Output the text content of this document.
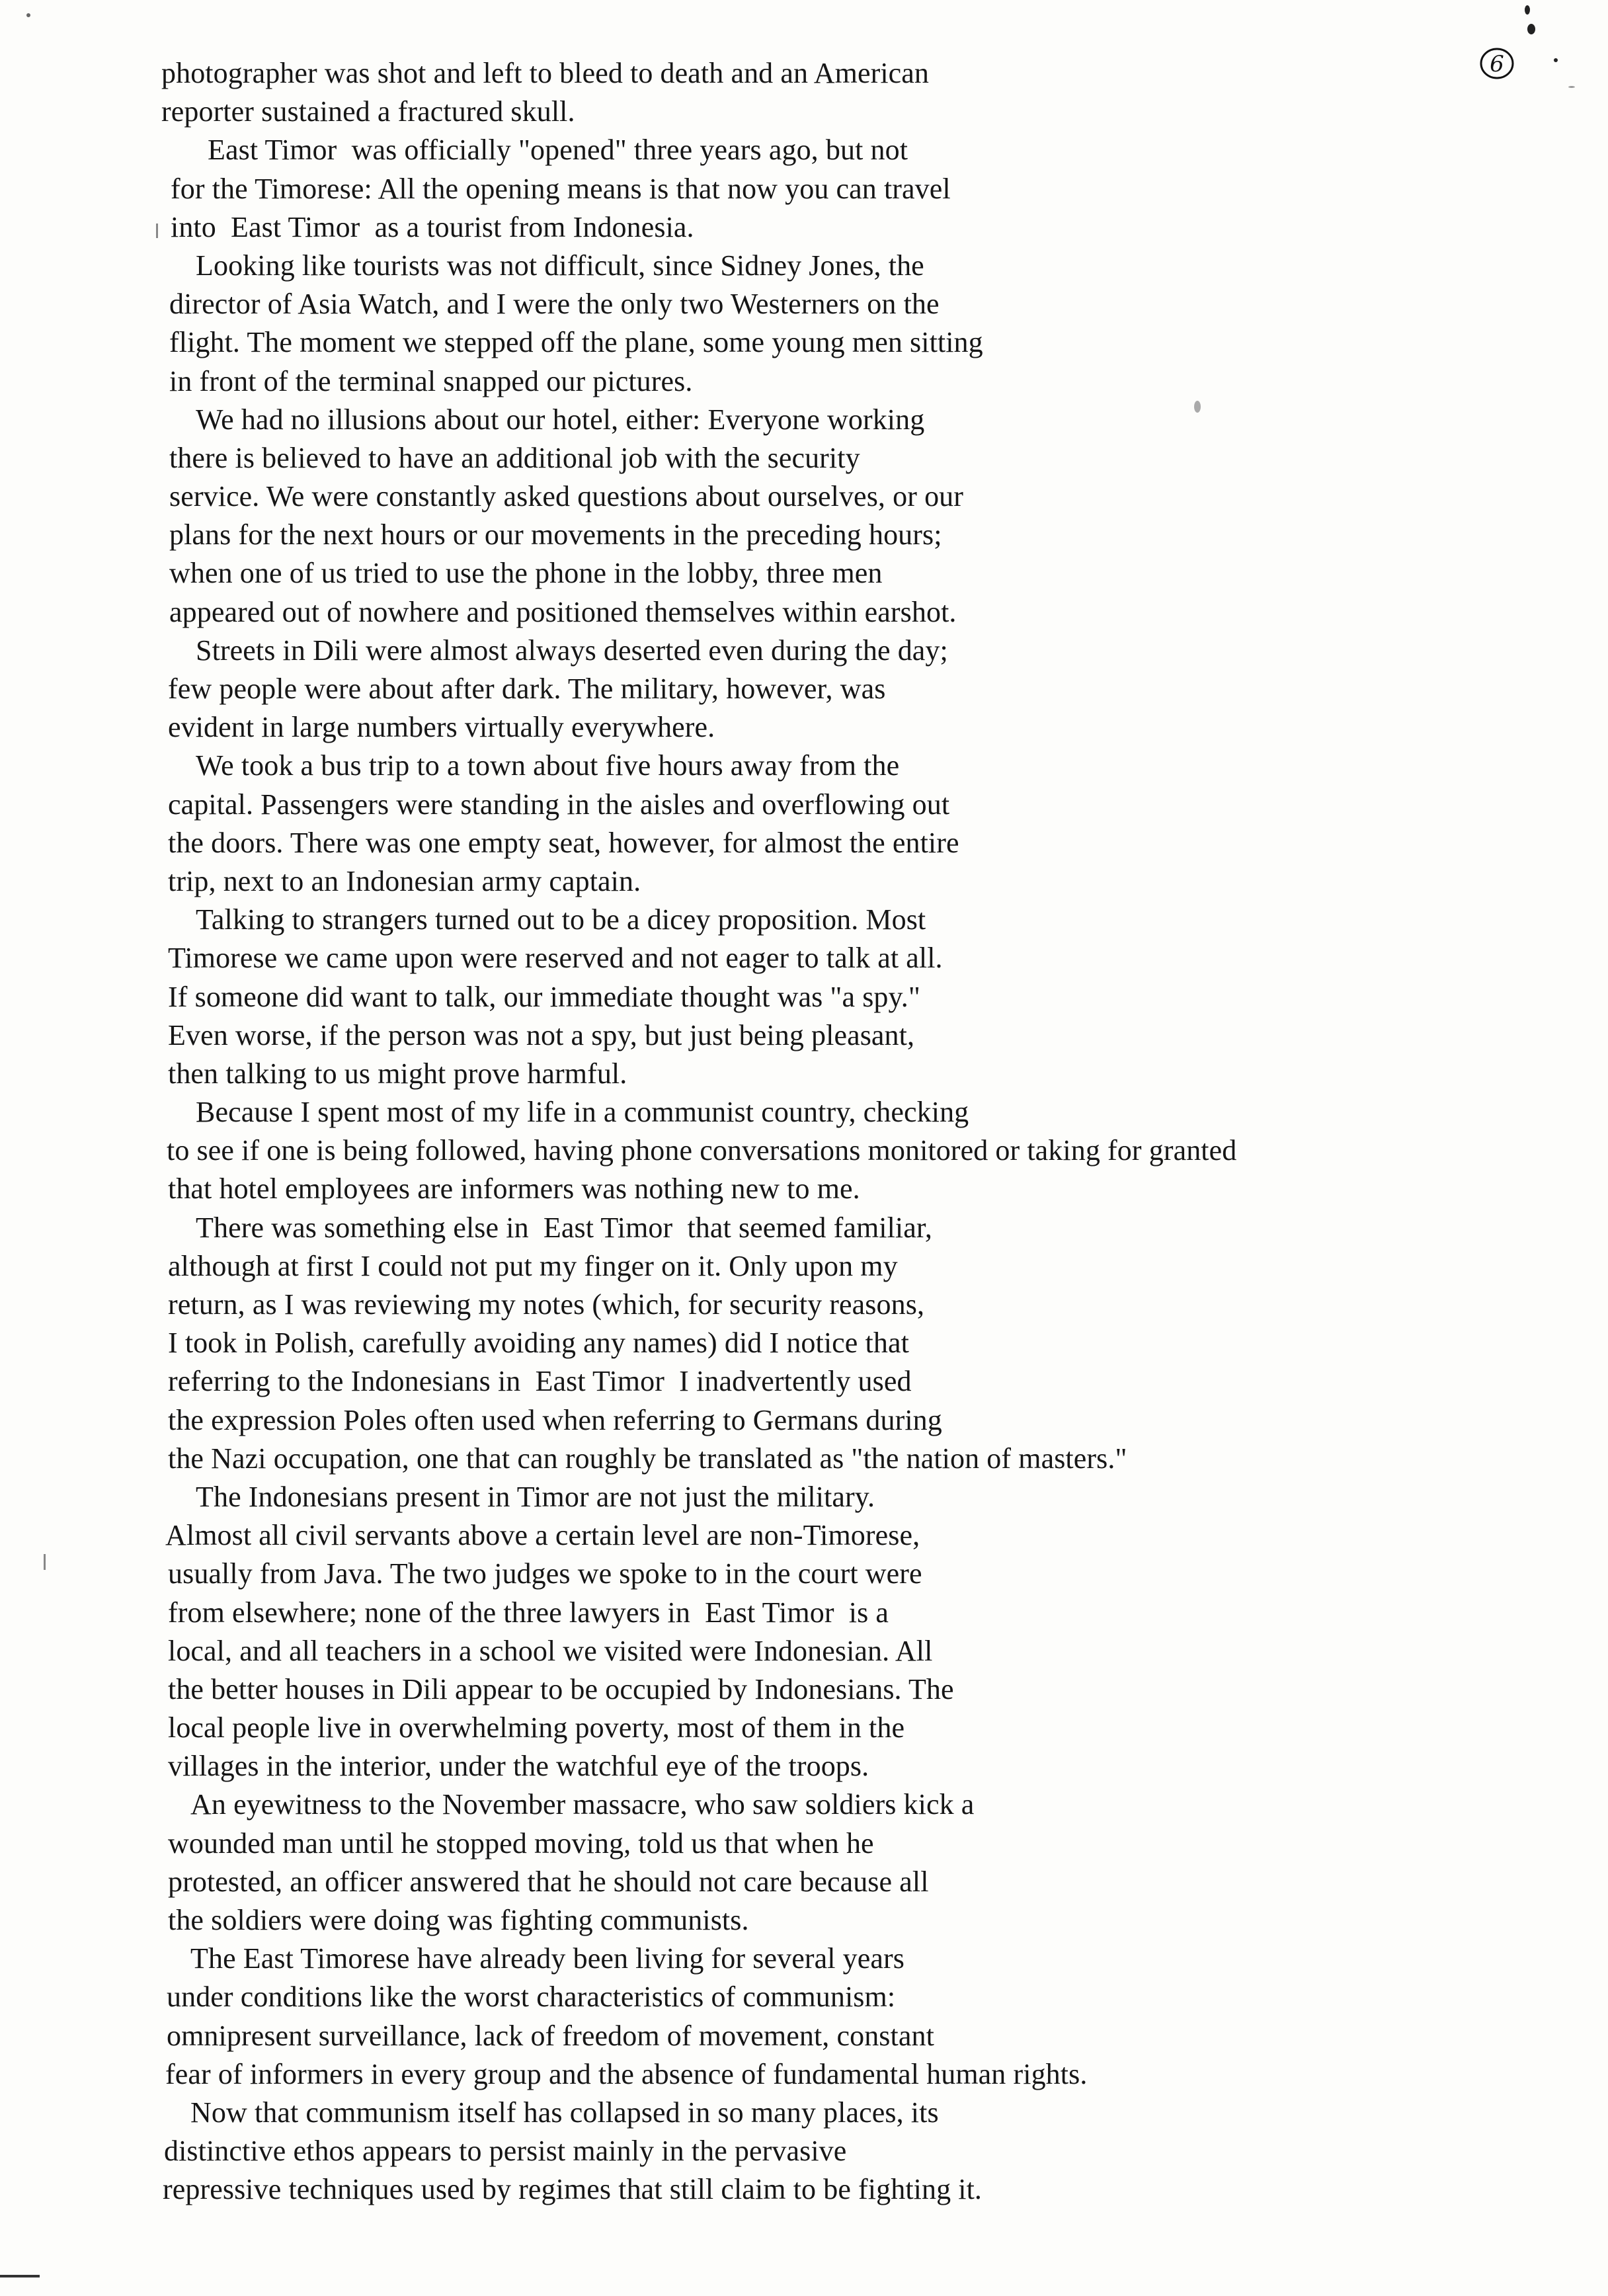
6
photographer was shot and left to bleed to death and an American
reporter sustained a fractured skull.
East Timor  was officially "opened" three years ago, but not
for the Timorese: All the opening means is that now you can travel
into  East Timor  as a tourist from Indonesia.
Looking like tourists was not difficult, since Sidney Jones, the
director of Asia Watch, and I were the only two Westerners on the
flight. The moment we stepped off the plane, some young men sitting
in front of the terminal snapped our pictures.
We had no illusions about our hotel, either: Everyone working
there is believed to have an additional job with the security
service. We were constantly asked questions about ourselves, or our
plans for the next hours or our movements in the preceding hours;
when one of us tried to use the phone in the lobby, three men
appeared out of nowhere and positioned themselves within earshot.
Streets in Dili were almost always deserted even during the day;
few people were about after dark. The military, however, was
evident in large numbers virtually everywhere.
We took a bus trip to a town about five hours away from the
capital. Passengers were standing in the aisles and overflowing out
the doors. There was one empty seat, however, for almost the entire
trip, next to an Indonesian army captain.
Talking to strangers turned out to be a dicey proposition. Most
Timorese we came upon were reserved and not eager to talk at all.
If someone did want to talk, our immediate thought was "a spy."
Even worse, if the person was not a spy, but just being pleasant,
then talking to us might prove harmful.
Because I spent most of my life in a communist country, checking
to see if one is being followed, having phone conversations monitored or taking for granted
that hotel employees are informers was nothing new to me.
There was something else in  East Timor  that seemed familiar,
although at first I could not put my finger on it. Only upon my
return, as I was reviewing my notes (which, for security reasons,
I took in Polish, carefully avoiding any names) did I notice that
referring to the Indonesians in  East Timor  I inadvertently used
the expression Poles often used when referring to Germans during
the Nazi occupation, one that can roughly be translated as "the nation of masters."
The Indonesians present in Timor are not just the military.
Almost all civil servants above a certain level are non-Timorese,
usually from Java. The two judges we spoke to in the court were
from elsewhere; none of the three lawyers in  East Timor  is a
local, and all teachers in a school we visited were Indonesian. All
the better houses in Dili appear to be occupied by Indonesians. The
local people live in overwhelming poverty, most of them in the
villages in the interior, under the watchful eye of the troops.
An eyewitness to the November massacre, who saw soldiers kick a
wounded man until he stopped moving, told us that when he
protested, an officer answered that he should not care because all
the soldiers were doing was fighting communists.
The East Timorese have already been living for several years
under conditions like the worst characteristics of communism:
omnipresent surveillance, lack of freedom of movement, constant
fear of informers in every group and the absence of fundamental human rights.
Now that communism itself has collapsed in so many places, its
distinctive ethos appears to persist mainly in the pervasive
repressive techniques used by regimes that still claim to be fighting it.
